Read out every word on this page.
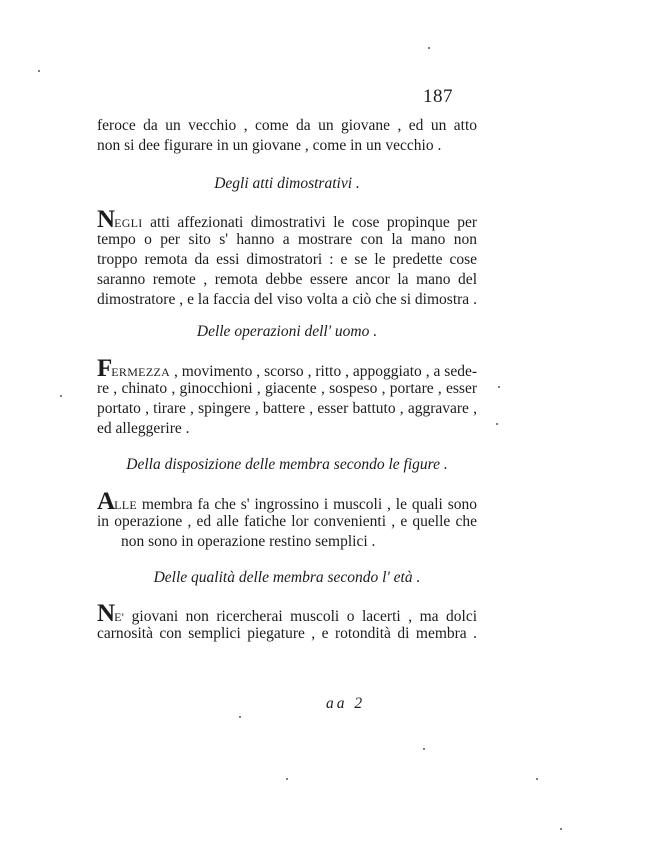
187
feroce da un vecchio , come da un giovane , ed un atto
non si dee figurare in un giovane , come in un vecchio .
Degli atti dimostrativi .
NEGLI atti affezionati dimostrativi le cose propinque per
tempo o per sito s' hanno a mostrare con la mano non
troppo remota da essi dimostratori : e se le predette cose
saranno remote , remota debbe essere ancor la mano del
dimostratore , e la faccia del viso volta a ciò che si dimostra .
Delle operazioni dell' uomo .
FERMEZZA , movimento , scorso , ritto , appoggiato , a sede-
re , chinato , ginocchioni , giacente , sospeso , portare , esser
portato , tirare , spingere , battere , esser battuto , aggravare ,
ed alleggerire .
Della disposizione delle membra secondo le figure .
ALLE membra fa che s' ingrossino i muscoli , le quali sono
in operazione , ed alle fatiche lor convenienti , e quelle che
non sono in operazione restino semplici .
Delle qualità delle membra secondo l' età .
NE' giovani non ricercherai muscoli o lacerti , ma dolci
carnosità con semplici piegature , e rotondità di membra .
aa 2
